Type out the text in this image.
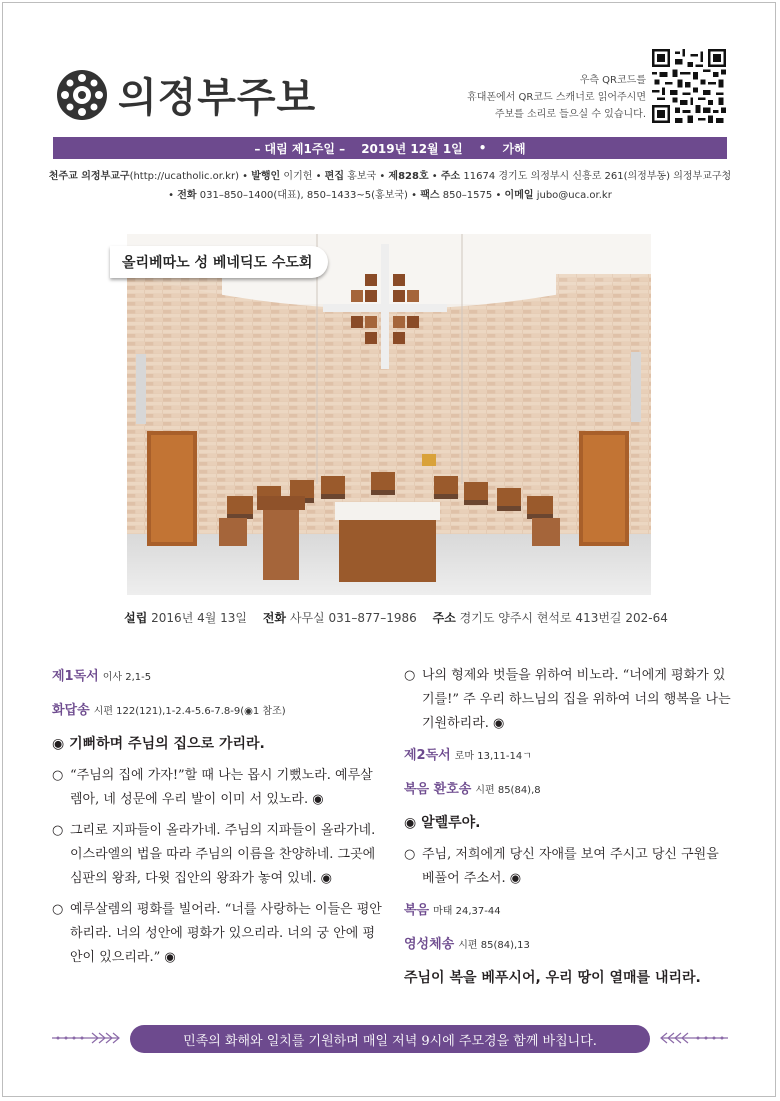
의정부주보	우측 QR코드를
휴대폰에서 QR코드 스캐너로 읽어주시면
주보를 소리로 들으실 수 있습니다.
– 대림 제1주일 – 2019년 12월 1일 • 가해
천주교 의정부교구(http://ucatholic.or.kr) • 발행인 이기헌 • 편집 홍보국 • 제828호 • 주소 11674 경기도 의정부시 신흥로 261(의정부동) 의정부교구청
• 전화 031–850–1400(대표), 850–1433~5(홍보국) • 팩스 850–1575 • 이메일 jubo@uca.or.kr
올리베따노 성 베네딕도 수도회
설립 2016년 4월 13일 전화 사무실 031–877–1986 주소 경기도 양주시 현석로 413번길 202-64
제1독서 이사 2,1-5
화답송 시편 122(121),1-2.4-5.6-7.8-9(◉1 참조)
◉ 기뻐하며 주님의 집으로 가리라.
○ “주님의 집에 가자!”할 때 나는 몹시 기뻤노라. 예루살렘아, 네 성문에 우리 발이 이미 서 있노라. ◉
○ 그리로 지파들이 올라가네. 주님의 지파들이 올라가네. 이스라엘의 법을 따라 주님의 이름을 찬양하네. 그곳에 심판의 왕좌, 다윗 집안의 왕좌가 놓여 있네. ◉
○ 예루살렘의 평화를 빌어라. “너를 사랑하는 이들은 평안하리라. 너의 성안에 평화가 있으리라. 너의 궁 안에 평안이 있으리라.” ◉
○ 나의 형제와 벗들을 위하여 비노라. “너에게 평화가 있기를!” 주 우리 하느님의 집을 위하여 너의 행복을 나는 기원하리라. ◉
제2독서 로마 13,11-14ㄱ
복음 환호송 시편 85(84),8
◉ 알렐루야.
○ 주님, 저희에게 당신 자애를 보여 주시고 당신 구원을 베풀어 주소서. ◉
복음 마태 24,37-44
영성체송 시편 85(84),13
주님이 복을 베푸시어, 우리 땅이 열매를 내리라.
민족의 화해와 일치를 기원하며 매일 저녁 9시에 주모경을 함께 바칩니다.
